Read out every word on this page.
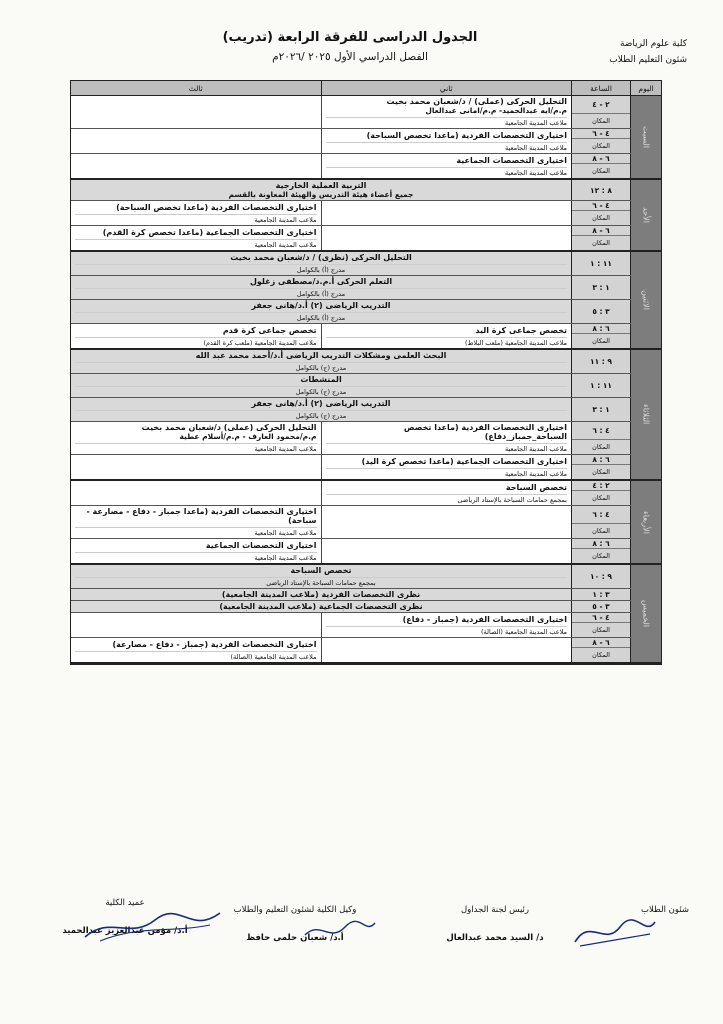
كلية علوم الرياضة
شئون التعليم الطلاب
الجدول الدراسى للفرقة الرابعة (تدريب)
الفصل الدراسي الأول ٢٠٢٥ /٢٠٢٦م
اليوم
الساعة
ثاني
ثالث
السبت
٢ - ٤
المكان
التحليل الحركى (عملى) / د/شعبان محمد بخيت
م.م/ايه عبدالحميد- م.م/امانى عبدالعال
ملاعب المدينة الجامعية
٤ - ٦
المكان
اختيارى التخصصات الفردية (ماعدا تخصص السباحة)
ملاعب المدينة الجامعية
٦ - ٨
المكان
اختيارى التخصصات الجماعية
ملاعب المدينة الجامعية
الأحد
٨ : ١٢
التربية العملية الخارجية
جميع أعضاء هيئة التدريس والهيئة المعاونة بالقسم
٤ - ٦
المكان
اختيارى التخصصات الفردية (ماعدا تخصص السباحة)
ملاعب المدينة الجامعية
٦ - ٨
المكان
اختيارى التخصصات الجماعية (ماعدا تخصص كرة القدم)
ملاعب المدينة الجامعية
الاثنين
١١ : ١
التحليل الحركى (نظرى) / د/شعبان محمد بخيت
مدرج (أ) بالكوامل
١ : ٣
التعلم الحركى أ.م.د/مصطفى زغلول
مدرج (أ) بالكوامل
٣ : ٥
التدريب الرياضى (٢) أ.د/هانى جعفر
مدرج (أ) بالكوامل
٦ : ٨
المكان
تخصص جماعى كرة اليد
ملاعب المدينة الجامعية (ملعب البلاط)
تخصص جماعى كرة قدم
ملاعب المدينة الجامعية (ملعب كرة القدم)
الثلاثاء
٩ : ١١
البحث العلمى ومشكلات التدريب الرياضى أ.د/أحمد محمد عبد الله
مدرج (ج) بالكوامل
١١ : ١
المنشطات
مدرج (ج) بالكوامل
١ : ٣
التدريب الرياضى (٢) أ.د/هانى جعفر
مدرج (ج) بالكوامل
٤ : ٦
المكان
اختيارى التخصصات الفردية (ماعدا تخصص السباحة_جمباز_دفاع)
ملاعب المدينة الجامعية
التحليل الحركى (عملى) د/شعبان محمد بخيت
م.م/محمود العارف - م.م/أسلام عطية
ملاعب المدينة الجامعية
٦ : ٨
المكان
اختيارى التخصصات الجماعية (ماعدا تخصص كرة اليد)
ملاعب المدينة الجامعية
الأربعاء
٢ : ٤
المكان
تخصص السباحة
بمجمع حمامات السباحة بالإستاد الرياضى
٤ : ٦
المكان
اختيارى التخصصات الفردية (ماعدا جمباز - دفاع - مصارعة - سباحة)
ملاعب المدينة الجامعية
٦ : ٨
المكان
اختيارى التخصصات الجماعية
ملاعب المدينة الجامعية
الخميس
٩ : ١٠
تخصص السباحة
بمجمع حمامات السباحة بالإستاد الرياضى
٣ : ١
نظرى التخصصات الفردية (ملاعب المدينة الجامعية)
٣ - ٥
نظرى التخصصات الجماعية (ملاعب المدينة الجامعية)
٤ - ٦
المكان
اختيارى التخصصات الفردية (جمباز - دفاع)
ملاعب المدينة الجامعية (الصالة)
٦ - ٨
المكان
اختيارى التخصصات الفردية (جمباز - دفاع - مصارعة)
ملاعب المدينة الجامعية (الصالة)
شئون الطلاب
رئيس لجنة الجداول
د/ السيد محمد عبدالعال
وكيل الكلية لشئون التعليم والطلاب
أ.د/ شعبان حلمى حافظ
عميد الكلية
أ.د/ مؤمن عبدالعزيز عبدالحميد
